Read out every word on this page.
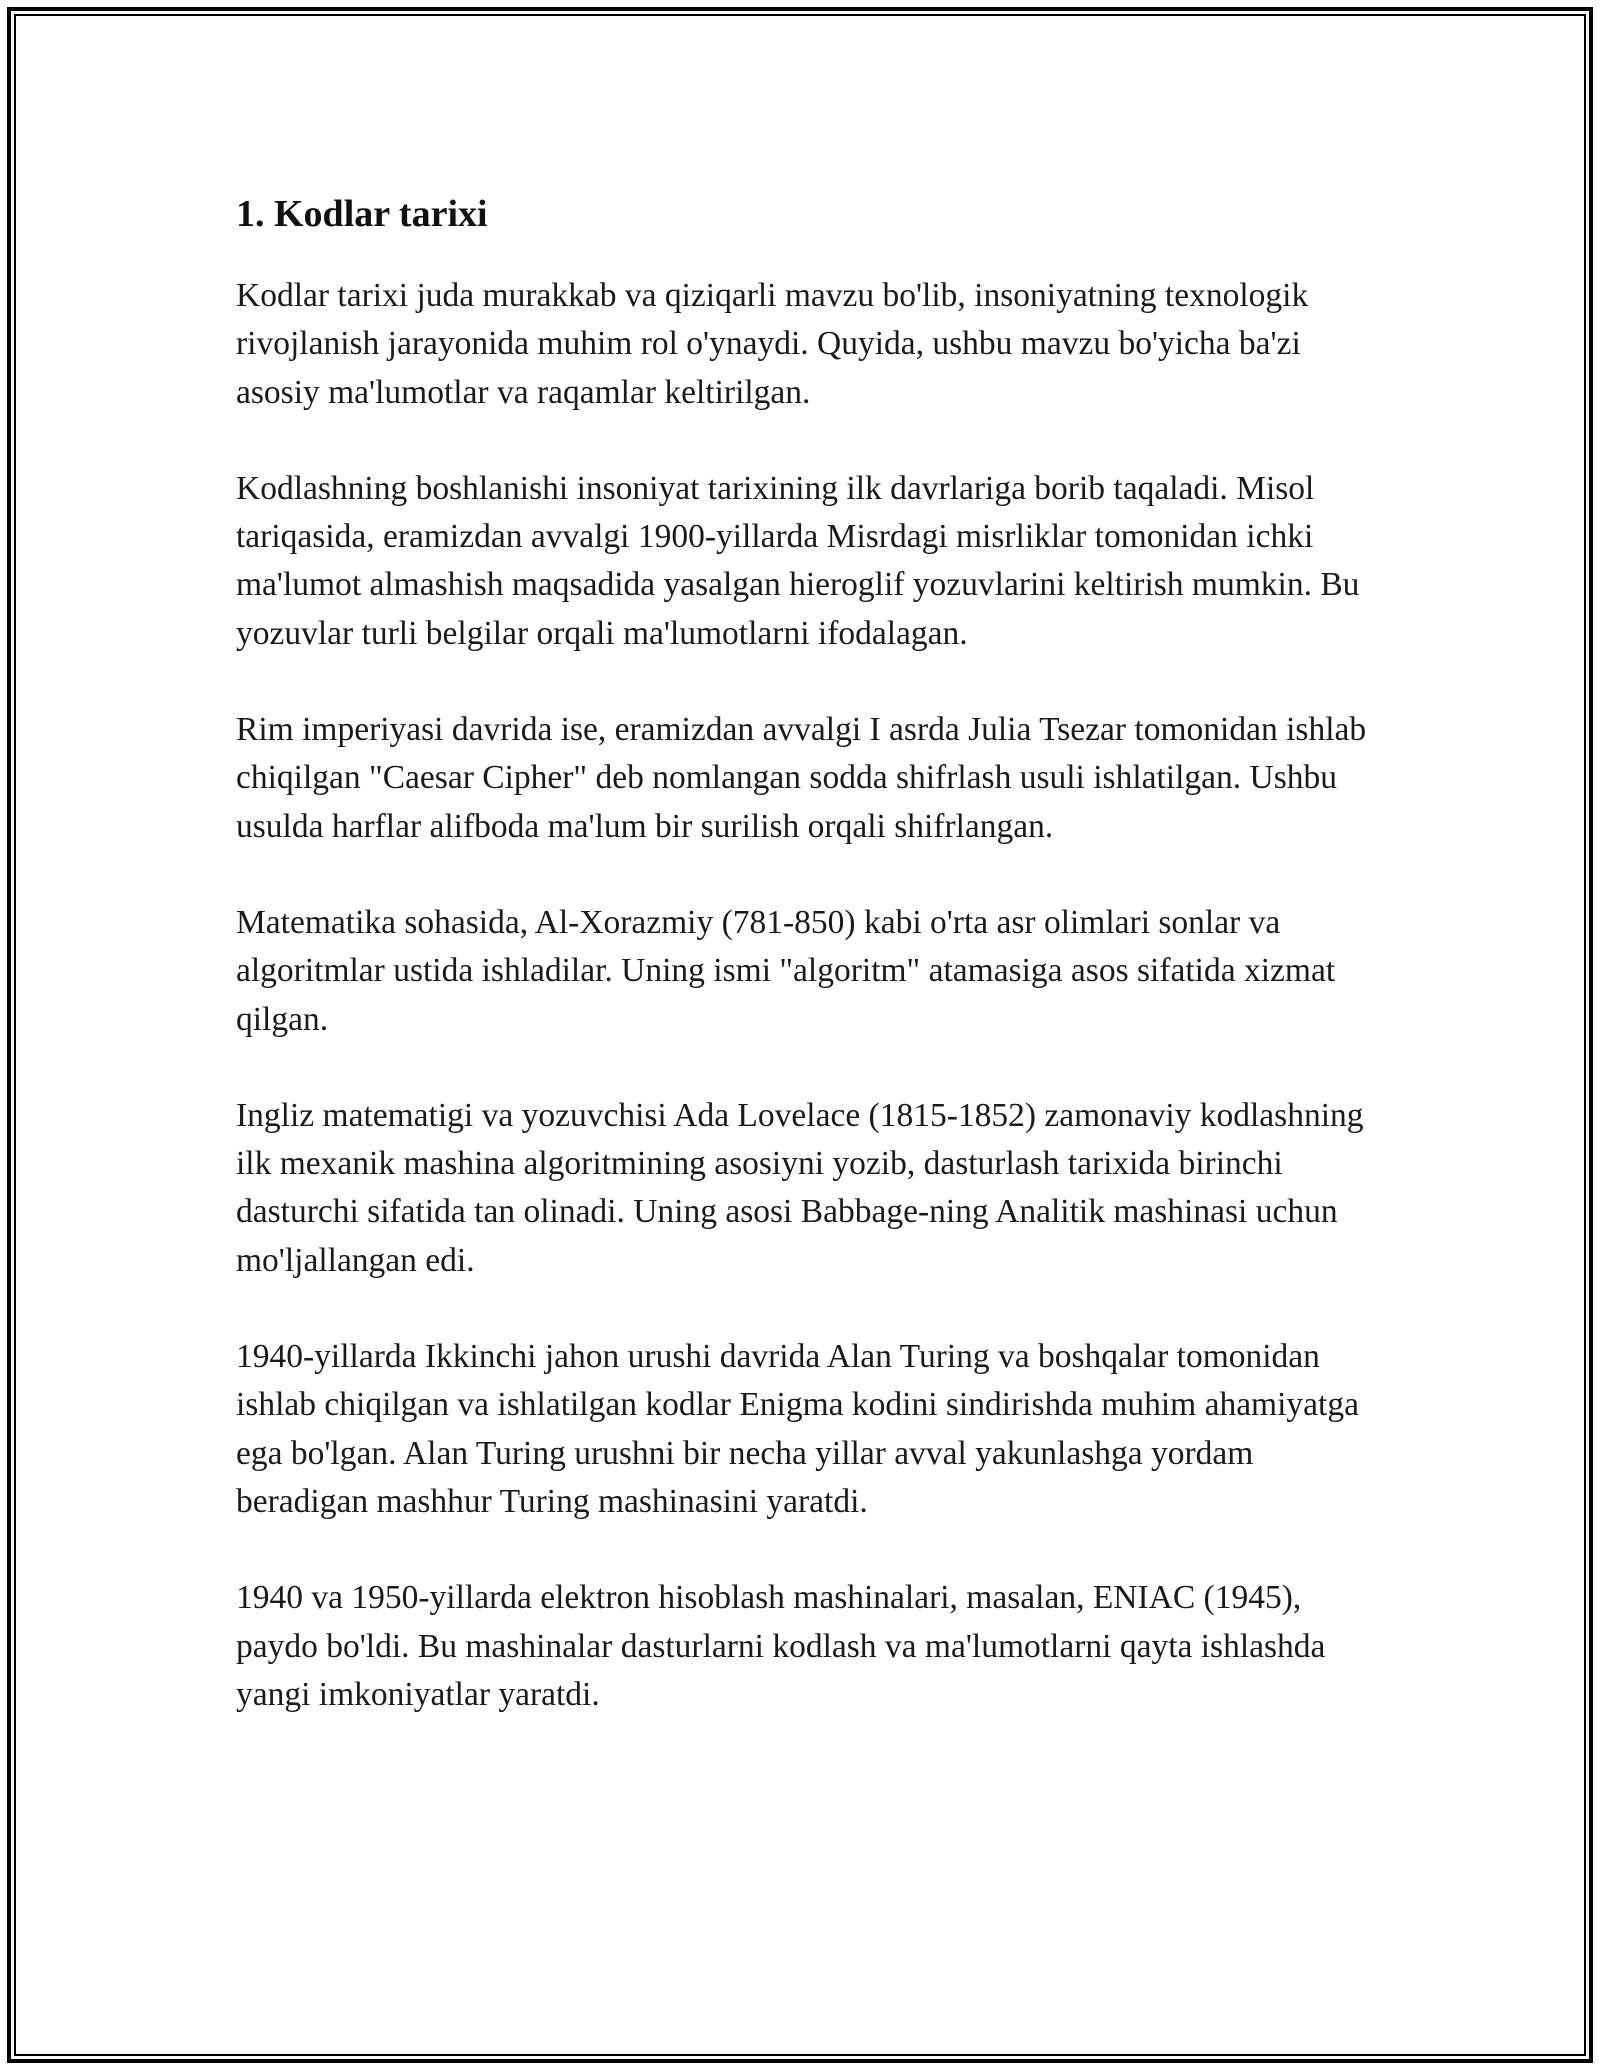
1. Kodlar tarixi

Kodlar tarixi juda murakkab va qiziqarli mavzu bo'lib, insoniyatning texnologik rivojlanish jarayonida muhim rol o'ynaydi. Quyida, ushbu mavzu bo'yicha ba'zi asosiy ma'lumotlar va raqamlar keltirilgan.

Kodlashning boshlanishi insoniyat tarixining ilk davrlariga borib taqaladi. Misol tariqasida, eramizdan avvalgi 1900-yillarda Misrdagi misrliklar tomonidan ichki ma'lumot almashish maqsadida yasalgan hieroglif yozuvlarini keltirish mumkin. Bu yozuvlar turli belgilar orqali ma'lumotlarni ifodalagan.

Rim imperiyasi davrida ise, eramizdan avvalgi I asrda Julia Tsezar tomonidan ishlab chiqilgan "Caesar Cipher" deb nomlangan sodda shifrlash usuli ishlatilgan. Ushbu usulda harflar alifboda ma'lum bir surilish orqali shifrlangan.

Matematika sohasida, Al-Xorazmiy (781-850) kabi o'rta asr olimlari sonlar va algoritmlar ustida ishladilar. Uning ismi "algoritm" atamasiga asos sifatida xizmat qilgan.

Ingliz matematigi va yozuvchisi Ada Lovelace (1815-1852) zamonaviy kodlashning ilk mexanik mashina algoritmining asosiyni yozib, dasturlash tarixida birinchi dasturchi sifatida tan olinadi. Uning asosi Babbage-ning Analitik mashinasi uchun mo'ljallangan edi.

1940-yillarda Ikkinchi jahon urushi davrida Alan Turing va boshqalar tomonidan ishlab chiqilgan va ishlatilgan kodlar Enigma kodini sindirishda muhim ahamiyatga ega bo'lgan. Alan Turing urushni bir necha yillar avval yakunlashga yordam beradigan mashhur Turing mashinasini yaratdi.

1940 va 1950-yillarda elektron hisoblash mashinalari, masalan, ENIAC (1945), paydo bo'ldi. Bu mashinalar dasturlarni kodlash va ma'lumotlarni qayta ishlashda yangi imkoniyatlar yaratdi.
